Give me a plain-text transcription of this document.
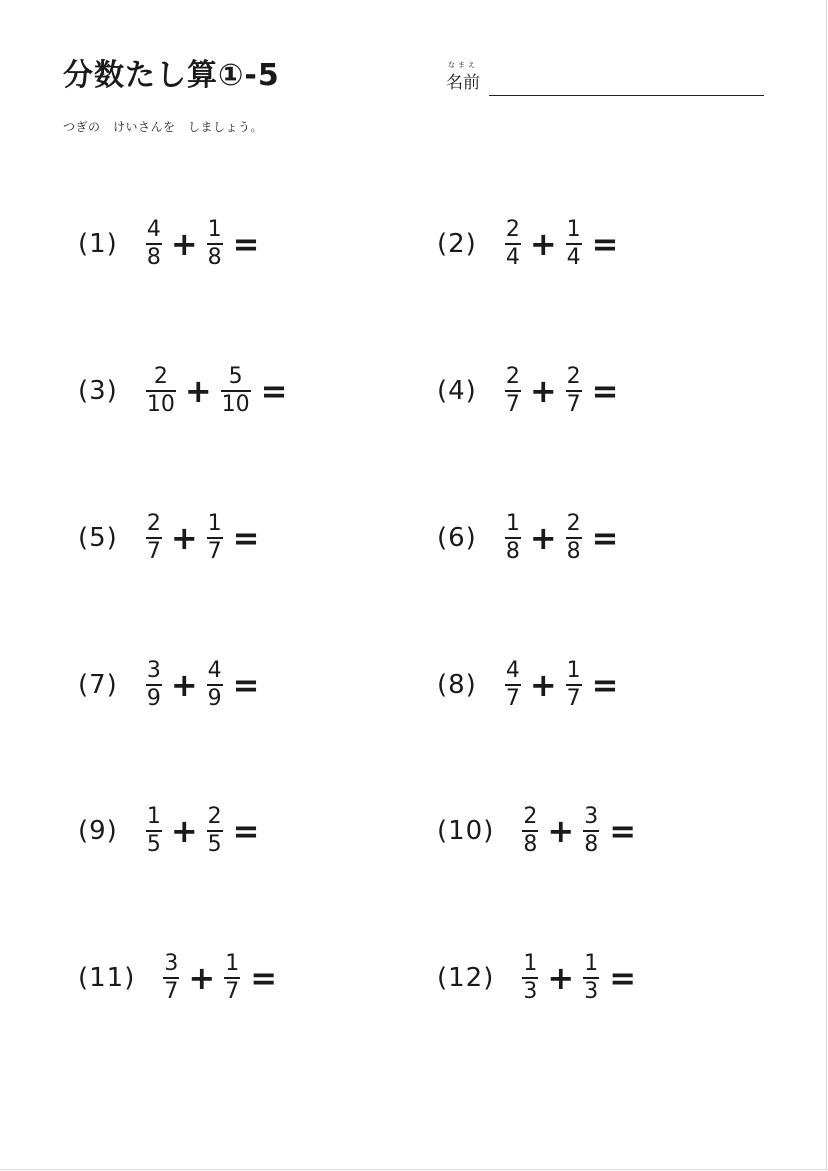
分数たし算①-5	なまえ
名前
つぎの　けいさんを　しましょう。
$(1) \frac{4}{8} + \frac{1}{8}$ =	$(2) \frac{2}{4} + \frac{1}{4}$ =
$(3) \frac{2}{10} + \frac{5}{10}$ =	$(4) \frac{2}{7} + \frac{2}{7}$ =
$(5) \frac{2}{7} + \frac{1}{7}$ =	$(6) \frac{1}{8} + \frac{2}{8}$ =
$(7) \frac{3}{9} + \frac{4}{9}$ =	$(8) \frac{4}{7} + \frac{1}{7}$ =
$(9) \frac{1}{5} + \frac{2}{5}$ =	$(10) \frac{2}{8} + \frac{3}{8}$ =
$(11) \frac{3}{7} + \frac{1}{7}$ =	$(12) \frac{1}{3} + \frac{1}{3}$ =
